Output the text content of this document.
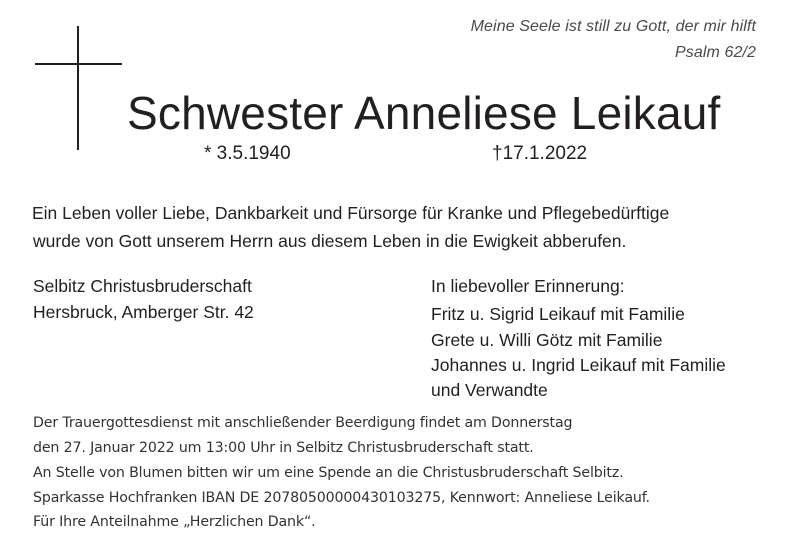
Meine Seele ist still zu Gott, der mir hilft
Psalm 62/2
Schwester Anneliese Leikauf
* 3.5.1940	†17.1.2022
Ein Leben voller Liebe, Dankbarkeit und Fürsorge für Kranke und Pflegebedürftige
wurde von Gott unserem Herrn aus diesem Leben in die Ewigkeit abberufen.
Selbitz Christusbruderschaft
Hersbruck, Amberger Str. 42
In liebevoller Erinnerung:
Fritz u. Sigrid Leikauf mit Familie
Grete u. Willi Götz mit Familie
Johannes u. Ingrid Leikauf mit Familie
und Verwandte
Der Trauergottesdienst mit anschließender Beerdigung findet am Donnerstag
den 27. Januar 2022 um 13:00 Uhr in Selbitz Christusbruderschaft statt.
An Stelle von Blumen bitten wir um eine Spende an die Christusbruderschaft Selbitz.
Sparkasse Hochfranken IBAN DE 20780500000430103275, Kennwort: Anneliese Leikauf.
Für Ihre Anteilnahme „Herzlichen Dank“.
